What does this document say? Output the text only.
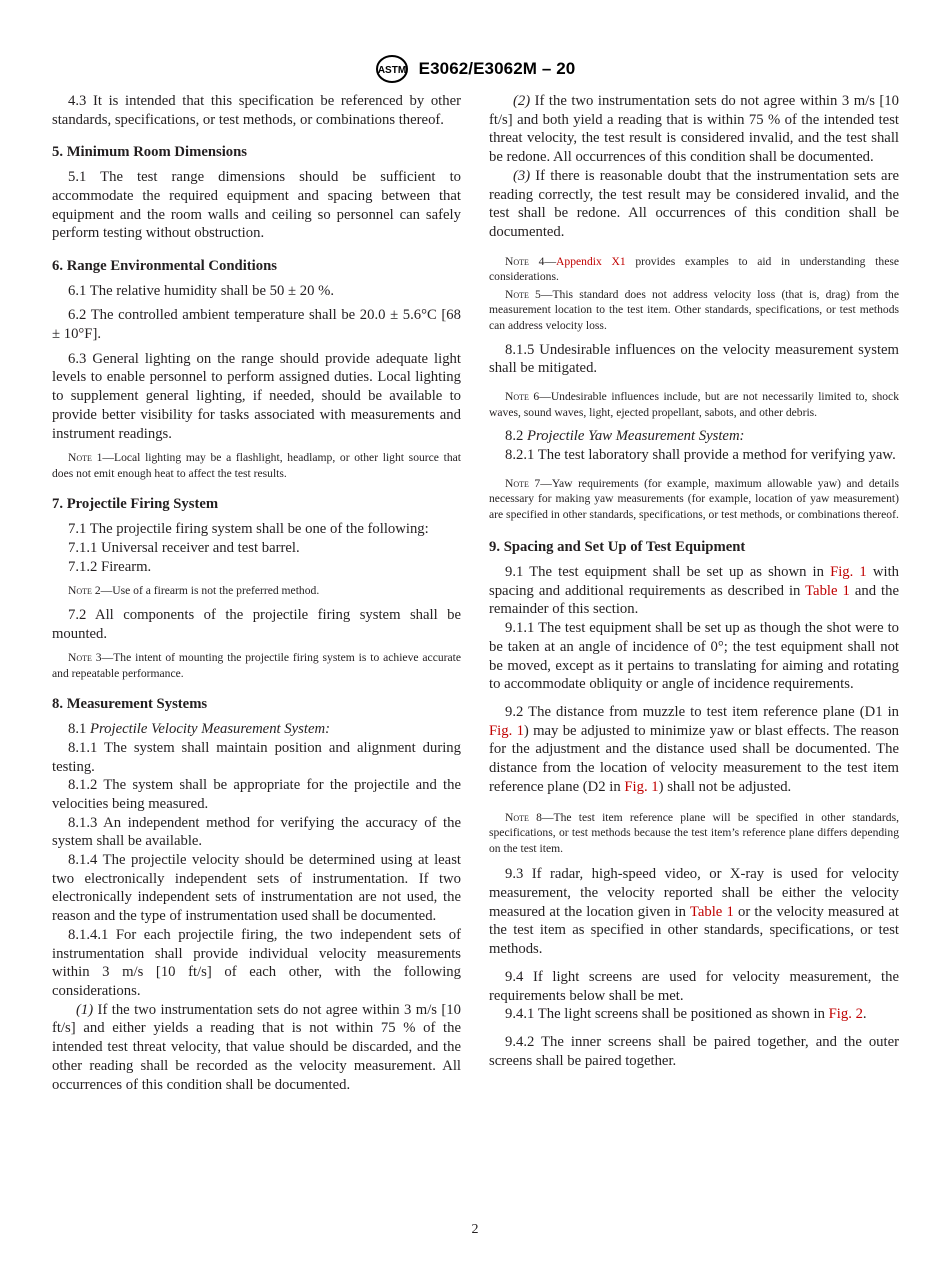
ASTM E3062/E3062M – 20

4.3 It is intended that this specification be referenced by other standards, specifications, or test methods, or combinations thereof.

5. Minimum Room Dimensions

5.1 The test range dimensions should be sufficient to accommodate the required equipment and spacing between that equipment and the room walls and ceiling so personnel can safely perform testing without obstruction.

6. Range Environmental Conditions

6.1 The relative humidity shall be 50 ± 20 %.

6.2 The controlled ambient temperature shall be 20.0 ± 5.6°C [68 ± 10°F].

6.3 General lighting on the range should provide adequate light levels to enable personnel to perform assigned duties. Local lighting to supplement general lighting, if needed, should be available to provide better visibility for tasks associated with measurements and instrument readings.

Note 1—Local lighting may be a flashlight, headlamp, or other light source that does not emit enough heat to affect the test results.

7. Projectile Firing System

7.1 The projectile firing system shall be one of the following:

7.1.1 Universal receiver and test barrel.

7.1.2 Firearm.

Note 2—Use of a firearm is not the preferred method.

7.2 All components of the projectile firing system shall be mounted.

Note 3—The intent of mounting the projectile firing system is to achieve accurate and repeatable performance.

8. Measurement Systems

8.1 Projectile Velocity Measurement System:

8.1.1 The system shall maintain position and alignment during testing.

8.1.2 The system shall be appropriate for the projectile and the velocities being measured.

8.1.3 An independent method for verifying the accuracy of the system shall be available.

8.1.4 The projectile velocity should be determined using at least two electronically independent sets of instrumentation. If two electronically independent sets of instrumentation are not used, the reason and the type of instrumentation used shall be documented.

8.1.4.1 For each projectile firing, the two independent sets of instrumentation shall provide individual velocity measurements within 3 m/s [10 ft/s] of each other, with the following considerations.

(1) If the two instrumentation sets do not agree within 3 m/s [10 ft/s] and either yields a reading that is not within 75 % of the intended test threat velocity, that value should be discarded, and the other reading shall be recorded as the velocity measurement. All occurrences of this condition shall be documented.

(2) If the two instrumentation sets do not agree within 3 m/s [10 ft/s] and both yield a reading that is within 75 % of the intended test threat velocity, the test result is considered invalid, and the test shall be redone. All occurrences of this condition shall be documented.

(3) If there is reasonable doubt that the instrumentation sets are reading correctly, the test result may be considered invalid, and the test shall be redone. All occurrences of this condition shall be documented.

Note 4—Appendix X1 provides examples to aid in understanding these considerations.

Note 5—This standard does not address velocity loss (that is, drag) from the measurement location to the test item. Other standards, specifications, or test methods can address velocity loss.

8.1.5 Undesirable influences on the velocity measurement system shall be mitigated.

Note 6—Undesirable influences include, but are not necessarily limited to, shock waves, sound waves, light, ejected propellant, sabots, and other debris.

8.2 Projectile Yaw Measurement System:

8.2.1 The test laboratory shall provide a method for verifying yaw.

Note 7—Yaw requirements (for example, maximum allowable yaw) and details necessary for making yaw measurements (for example, location of yaw measurement) are specified in other standards, specifications, or test methods, or combinations thereof.

9. Spacing and Set Up of Test Equipment

9.1 The test equipment shall be set up as shown in Fig. 1 with spacing and additional requirements as described in Table 1 and the remainder of this section.

9.1.1 The test equipment shall be set up as though the shot were to be taken at an angle of incidence of 0°; the test equipment shall not be moved, except as it pertains to translating for aiming and rotating to accommodate obliquity or angle of incidence requirements.

9.2 The distance from muzzle to test item reference plane (D1 in Fig. 1) may be adjusted to minimize yaw or blast effects. The reason for the adjustment and the distance used shall be documented. The distance from the location of velocity measurement to the test item reference plane (D2 in Fig. 1) shall not be adjusted.

Note 8—The test item reference plane will be specified in other standards, specifications, or test methods because the test item’s reference plane differs depending on the test item.

9.3 If radar, high-speed video, or X-ray is used for velocity measurement, the velocity reported shall be either the velocity measured at the location given in Table 1 or the velocity measured at the test item as specified in other standards, specifications, or test methods.

9.4 If light screens are used for velocity measurement, the requirements below shall be met.

9.4.1 The light screens shall be positioned as shown in Fig. 2.

9.4.2 The inner screens shall be paired together, and the outer screens shall be paired together.

2
